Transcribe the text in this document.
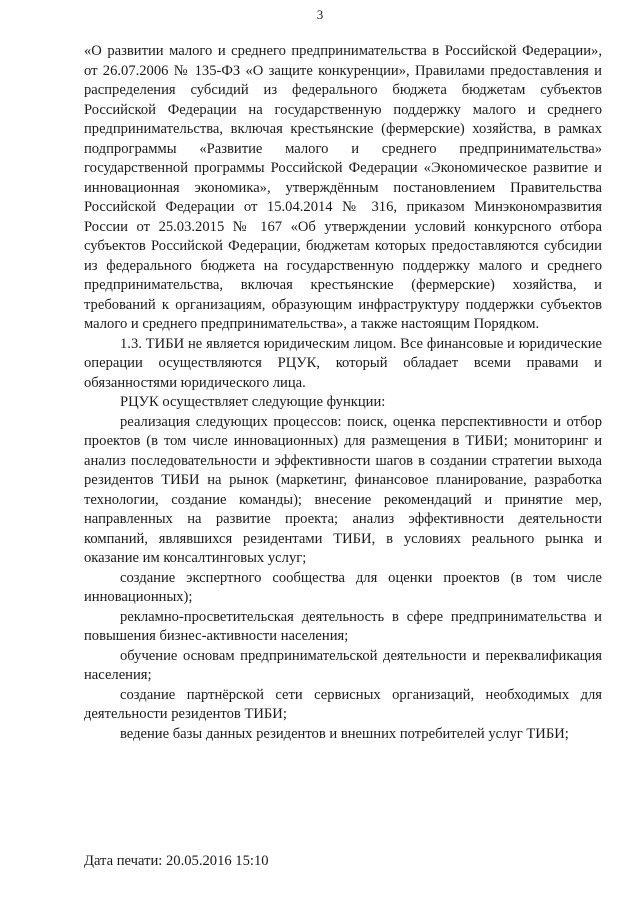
3

«О развитии малого и среднего предпринимательства в Российской Федерации», от 26.07.2006 № 135-ФЗ «О защите конкуренции», Правилами предоставления и распределения субсидий из федерального бюджета бюджетам субъектов Российской Федерации на государственную поддержку малого и среднего предпринимательства, включая крестьянские (фермерские) хозяйства, в рамках подпрограммы «Развитие малого и среднего предпринимательства» государственной программы Российской Федерации «Экономическое развитие и инновационная экономика», утверждённым постановлением Правительства Российской Федерации от 15.04.2014 № 316, приказом Минэкономразвития России от 25.03.2015 № 167 «Об утверждении условий конкурсного отбора субъектов Российской Федерации, бюджетам которых предоставляются субсидии из федерального бюджета на государственную поддержку малого и среднего предпринимательства, включая крестьянские (фермерские) хозяйства, и требований к организациям, образующим инфраструктуру поддержки субъектов малого и среднего предпринимательства», а также настоящим Порядком.

1.3. ТИБИ не является юридическим лицом. Все финансовые и юридические операции осуществляются РЦУК, который обладает всеми правами и обязанностями юридического лица.

РЦУК осуществляет следующие функции:

реализация следующих процессов: поиск, оценка перспективности и отбор проектов (в том числе инновационных) для размещения в ТИБИ; мониторинг и анализ последовательности и эффективности шагов в создании стратегии выхода резидентов ТИБИ на рынок (маркетинг, финансовое планирование, разработка технологии, создание команды); внесение рекомендаций и принятие мер, направленных на развитие проекта; анализ эффективности деятельности компаний, являвшихся резидентами ТИБИ, в условиях реального рынка и оказание им консалтинговых услуг;

создание экспертного сообщества для оценки проектов (в том числе инновационных);

рекламно-просветительская деятельность в сфере предпринимательства и повышения бизнес-активности населения;

обучение основам предпринимательской деятельности и переквалификация населения;

создание партнёрской сети сервисных организаций, необходимых для деятельности резидентов ТИБИ;

ведение базы данных резидентов и внешних потребителей услуг ТИБИ;

Дата печати: 20.05.2016 15:10
